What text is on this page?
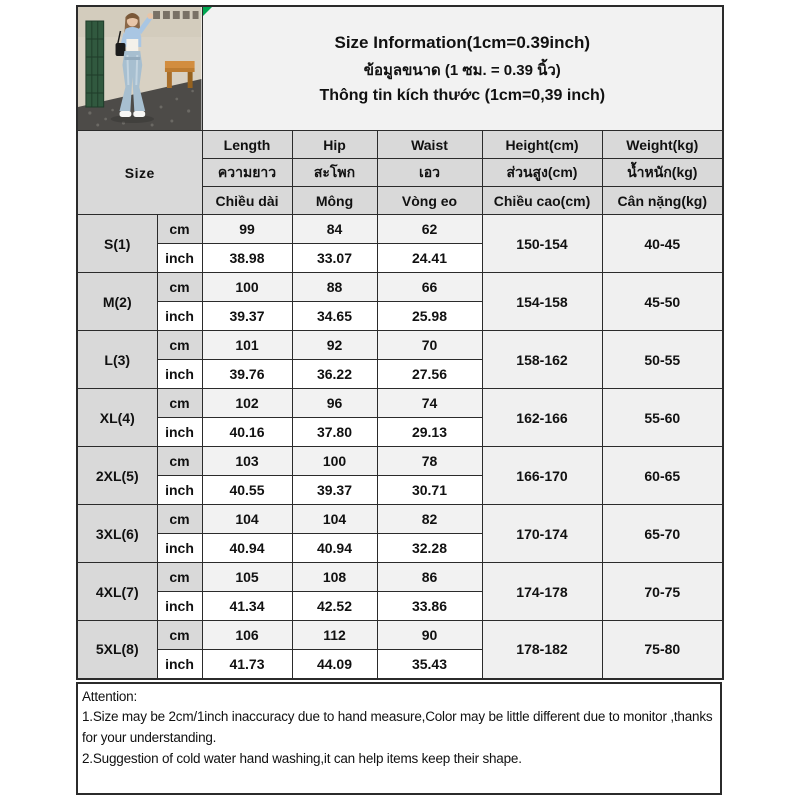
Size Information(1cm=0.39inch)
ข้อมูลขนาด (1 ซม. = 0.39 นิ้ว)
Thông tin kích thước (1cm=0,39 inch)				

Size		Length	Hip	Waist	Height(cm)	Weight(kg)
		ความยาว	สะโพก	เอว	ส่วนสูง(cm)	น้ำหนัก(kg)
		Chiều dài	Mông	Vòng eo	Chiều cao(cm)	Cân nặng(kg)
S(1)	cm	99	84	62	150-154	40-45
	inch	38.98	33.07	24.41		
M(2)	cm	100	88	66	154-158	45-50
	inch	39.37	34.65	25.98		
L(3)	cm	101	92	70	158-162	50-55
	inch	39.76	36.22	27.56		
XL(4)	cm	102	96	74	162-166	55-60
	inch	40.16	37.80	29.13		
2XL(5)	cm	103	100	78	166-170	60-65
	inch	40.55	39.37	30.71		
3XL(6)	cm	104	104	82	170-174	65-70
	inch	40.94	40.94	32.28		
4XL(7)	cm	105	108	86	174-178	70-75
	inch	41.34	42.52	33.86		
5XL(8)	cm	106	112	90	178-182	75-80
	inch	41.73	44.09	35.43		

Attention:

1.Size may be 2cm/1inch inaccuracy due to hand measure,Color may be little different due to monitor ,thanks for your understanding.

2.Suggestion of cold water hand washing,it can help items keep their shape.
